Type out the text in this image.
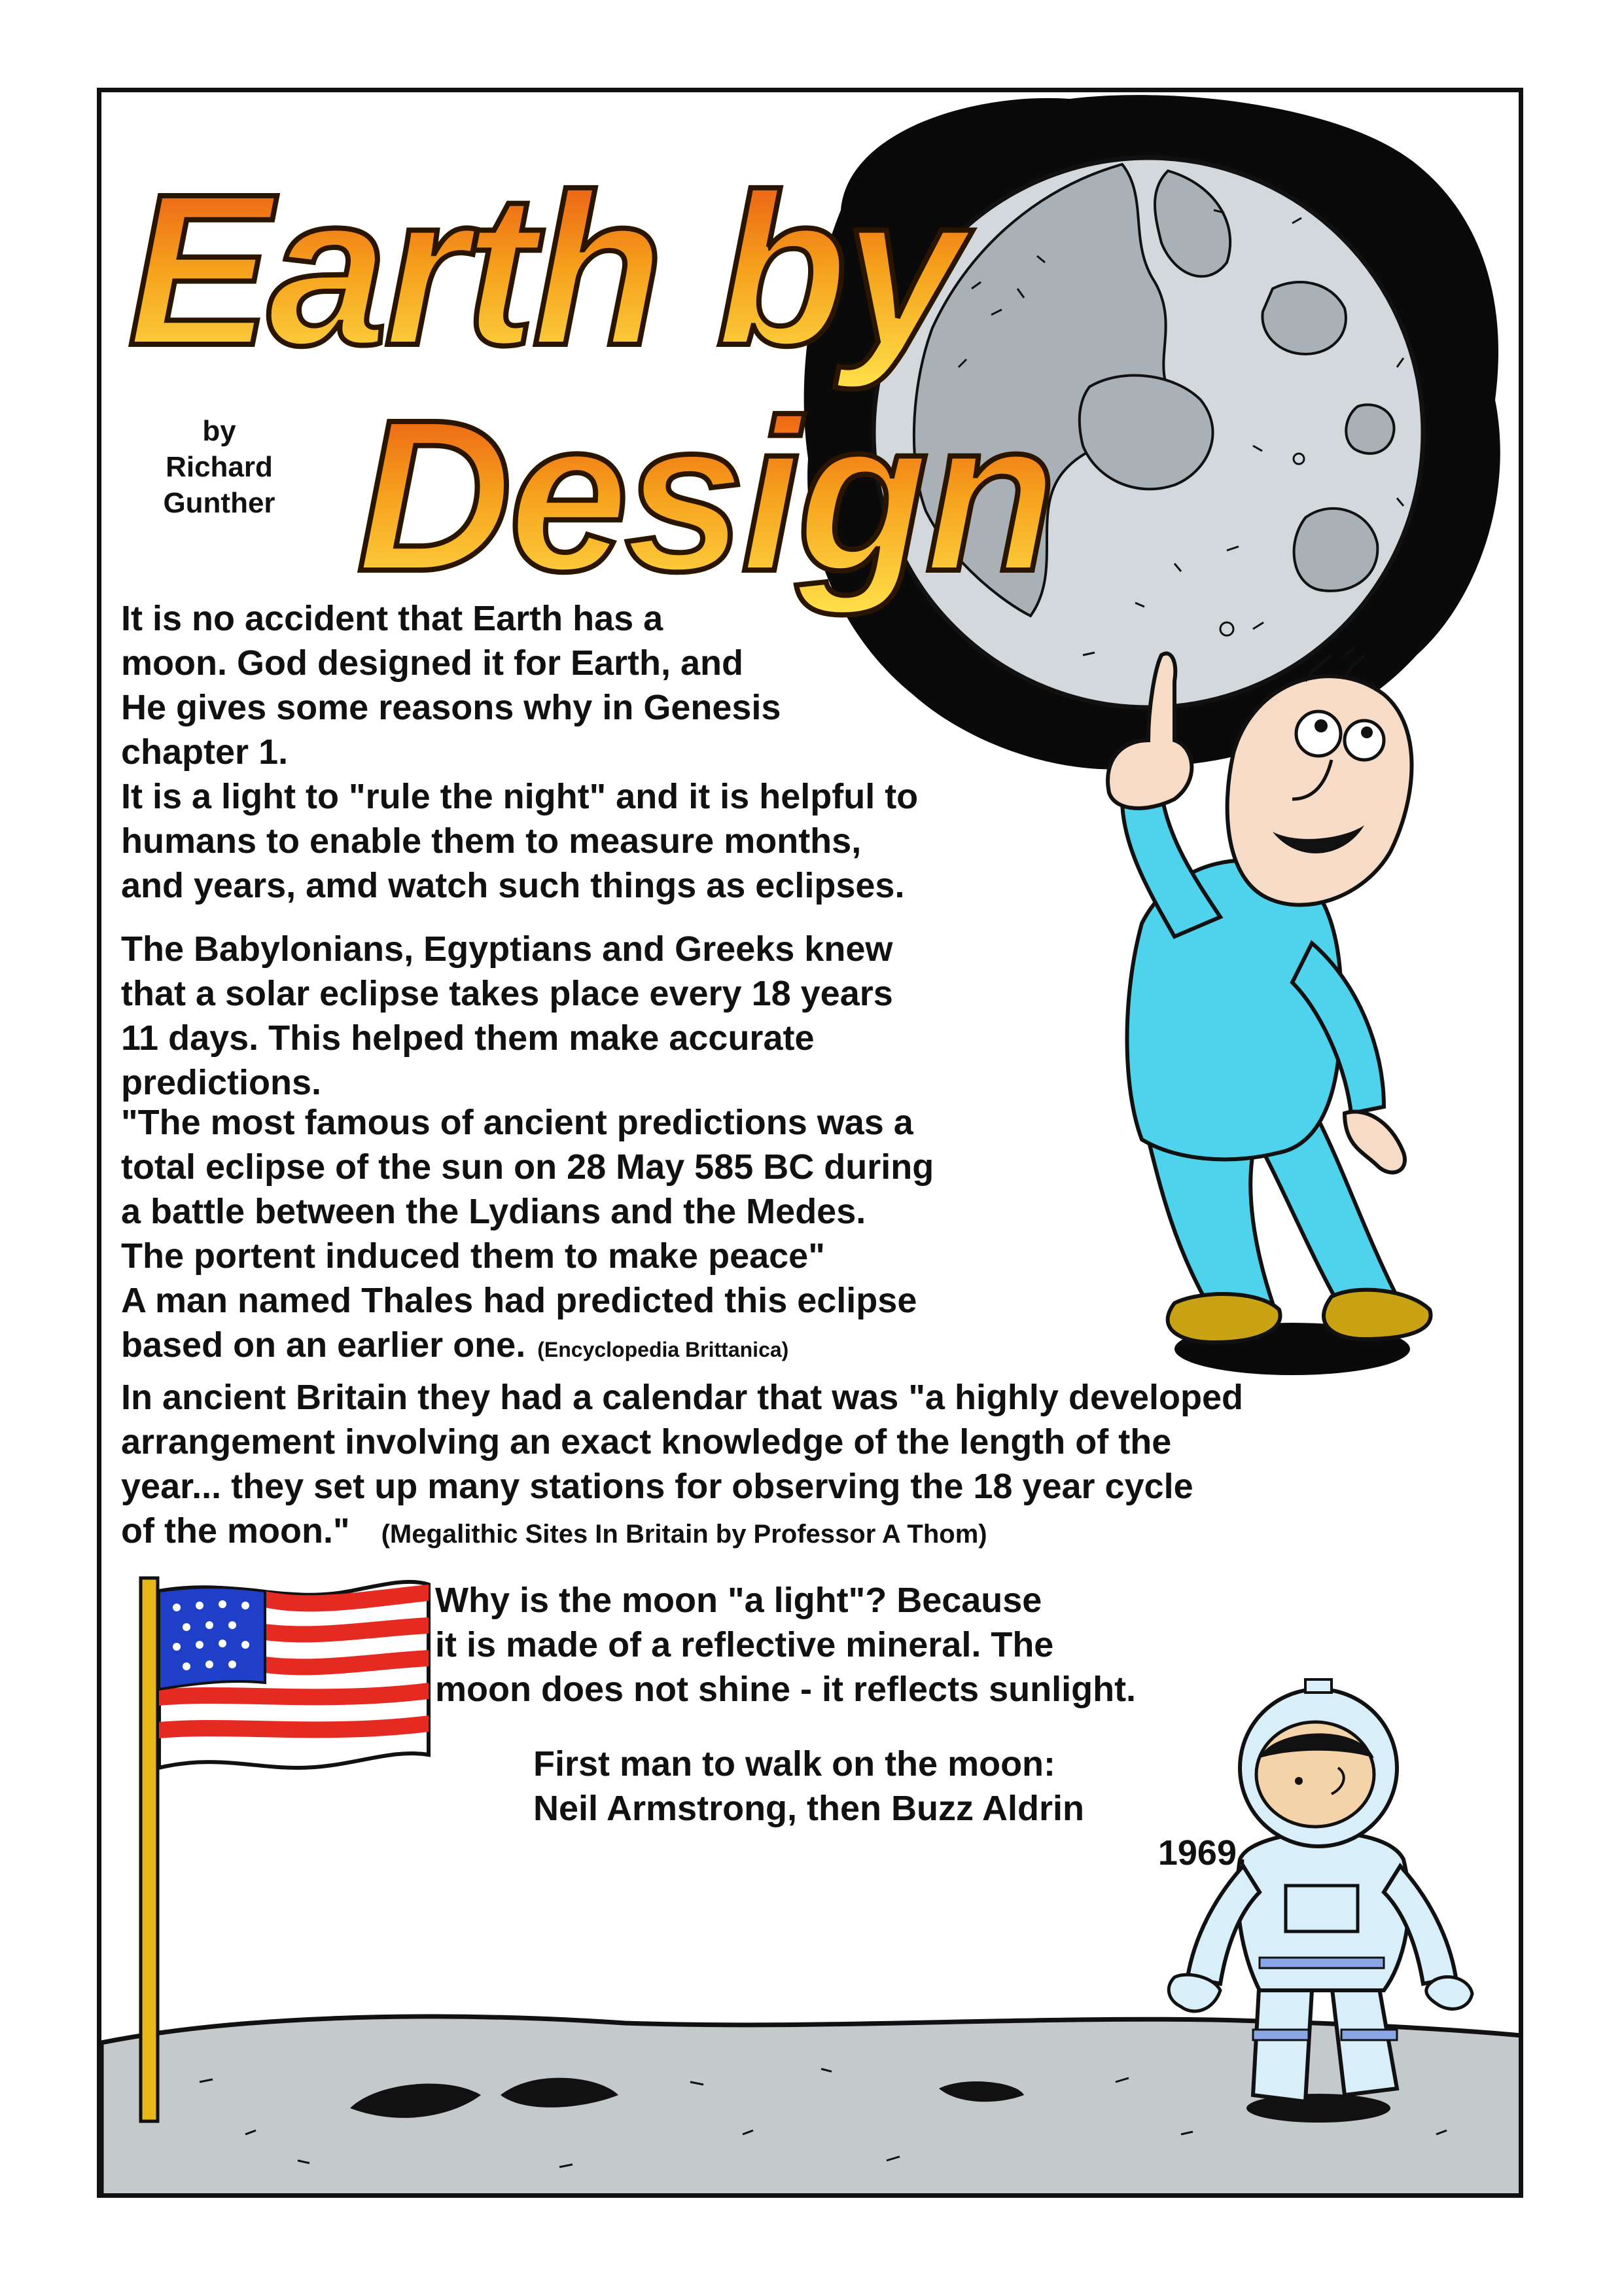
Earth by
Design
by
Richard
Gunther

It is no accident that Earth has a
moon. God designed it for Earth, and
He gives some reasons why in Genesis
chapter 1.
It is a light to "rule the night" and it is helpful to
humans to enable them to measure months,
and years, amd watch such things as eclipses.

The Babylonians, Egyptians and Greeks knew
that a solar eclipse takes place every 18 years
11 days. This helped them make accurate
predictions.

"The most famous of ancient predictions was a
total eclipse of the sun on 28 May 585 BC during
a battle between the Lydians and the Medes.
The portent induced them to make peace"
A man named Thales had predicted this eclipse
based on an earlier one. (Encyclopedia Brittanica)

In ancient Britain they had a calendar that was "a highly developed
arrangement involving an exact knowledge of the length of the
year... they set up many stations for observing the 18 year cycle
of the moon." (Megalithic Sites In Britain by Professor A Thom)

Why is the moon "a light"? Because
it is made of a reflective mineral. The
moon does not shine - it reflects sunlight.

First man to walk on the moon:
Neil Armstrong, then Buzz Aldrin
1969.
